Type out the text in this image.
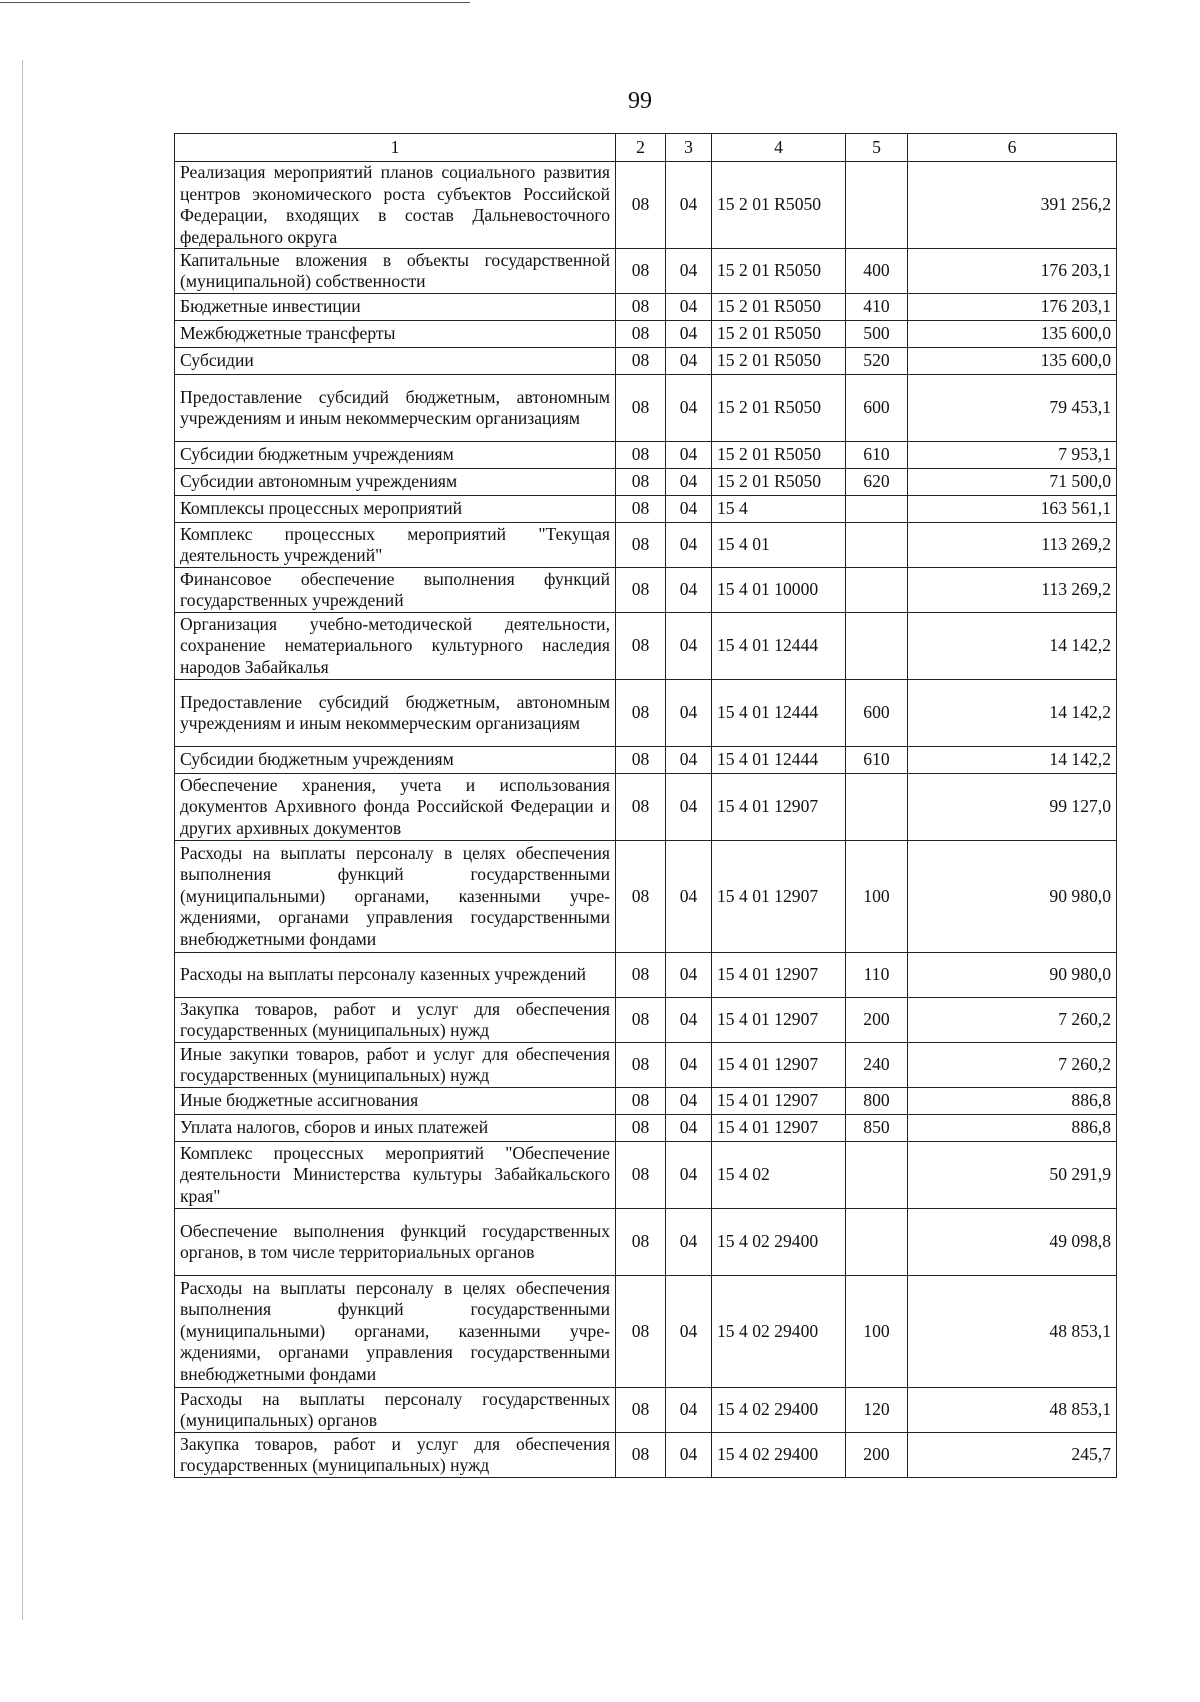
99
1	2	3	4	5	6
Реализация мероприятий планов социального развития центров экономического роста субъектов Российской Федерации, входящих в состав Дальневосточного федерального округа	08	04	15 2 01 R5050		391 256,2
Капитальные вложения в объекты государственной (муниципальной) собственности	08	04	15 2 01 R5050	400	176 203,1
Бюджетные инвестиции	08	04	15 2 01 R5050	410	176 203,1
Межбюджетные трансферты	08	04	15 2 01 R5050	500	135 600,0
Субсидии	08	04	15 2 01 R5050	520	135 600,0
Предоставление субсидий бюджетным, автономным учреждениям и иным некоммерческим организациям	08	04	15 2 01 R5050	600	79 453,1
Субсидии бюджетным учреждениям	08	04	15 2 01 R5050	610	7 953,1
Субсидии автономным учреждениям	08	04	15 2 01 R5050	620	71 500,0
Комплексы процессных мероприятий	08	04	15 4		163 561,1
Комплекс процессных мероприятий "Текущая деятельность учреждений"	08	04	15 4 01		113 269,2
Финансовое обеспечение выполнения функций государственных учреждений	08	04	15 4 01 10000		113 269,2
Организация учебно-методической деятельности, сохранение нематериального культурного наследия народов Забайкалья	08	04	15 4 01 12444		14 142,2
Предоставление субсидий бюджетным, автономным учреждениям и иным некоммерческим организациям	08	04	15 4 01 12444	600	14 142,2
Субсидии бюджетным учреждениям	08	04	15 4 01 12444	610	14 142,2
Обеспечение хранения, учета и использования документов Архивного фонда Российской Федерации и других архивных документов	08	04	15 4 01 12907		99 127,0
Расходы на выплаты персоналу в целях обеспечения выполнения функций государственными (муниципальными) органами, казенными учреждениями, органами управления государственными внебюджетными фондами	08	04	15 4 01 12907	100	90 980,0
Расходы на выплаты персоналу казенных учреждений	08	04	15 4 01 12907	110	90 980,0
Закупка товаров, работ и услуг для обеспечения государственных (муниципальных) нужд	08	04	15 4 01 12907	200	7 260,2
Иные закупки товаров, работ и услуг для обеспечения государственных (муниципальных) нужд	08	04	15 4 01 12907	240	7 260,2
Иные бюджетные ассигнования	08	04	15 4 01 12907	800	886,8
Уплата налогов, сборов и иных платежей	08	04	15 4 01 12907	850	886,8
Комплекс процессных мероприятий "Обеспечение деятельности Министерства культуры Забайкальского края"	08	04	15 4 02		50 291,9
Обеспечение выполнения функций государственных органов, в том числе территориальных органов	08	04	15 4 02 29400		49 098,8
Расходы на выплаты персоналу в целях обеспечения выполнения функций государственными (муниципальными) органами, казенными учреждениями, органами управления государственными внебюджетными фондами	08	04	15 4 02 29400	100	48 853,1
Расходы на выплаты персоналу государственных (муниципальных) органов	08	04	15 4 02 29400	120	48 853,1
Закупка товаров, работ и услуг для обеспечения государственных (муниципальных) нужд	08	04	15 4 02 29400	200	245,7
